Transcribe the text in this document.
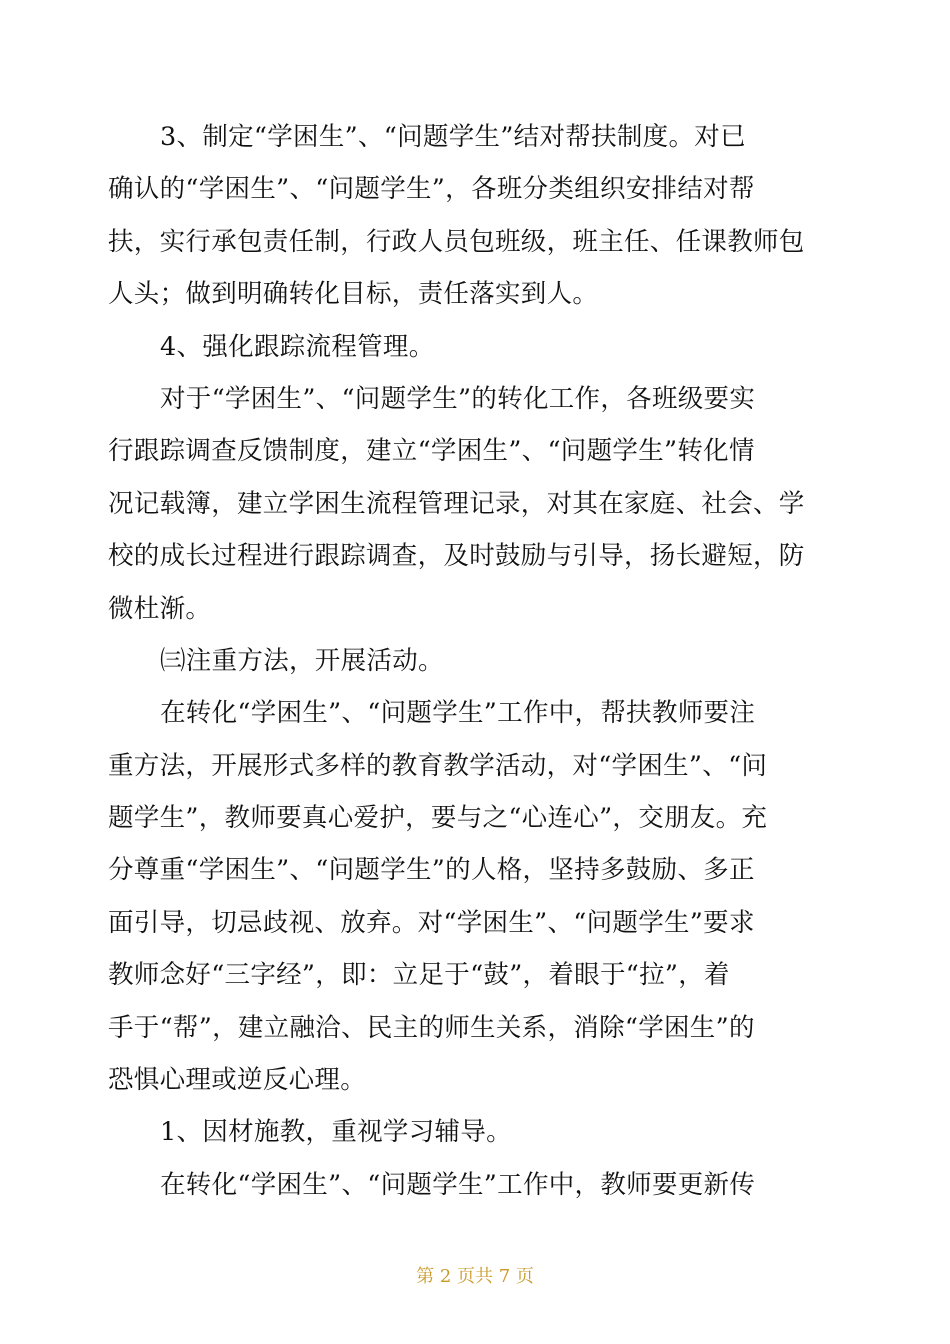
3、制定“学困生”、“问题学生”结对帮扶制度。对已
确认的“学困生”、“问题学生”，各班分类组织安排结对帮
扶，实行承包责任制，行政人员包班级，班主任、任课教师包
人头；做到明确转化目标，责任落实到人。
4、强化跟踪流程管理。
对于“学困生”、“问题学生”的转化工作，各班级要实
行跟踪调查反馈制度，建立“学困生”、“问题学生”转化情
况记载簿，建立学困生流程管理记录，对其在家庭、社会、学
校的成长过程进行跟踪调查，及时鼓励与引导，扬长避短，防
微杜渐。
㈢注重方法，开展活动。
在转化“学困生”、“问题学生”工作中，帮扶教师要注
重方法，开展形式多样的教育教学活动，对“学困生”、“问
题学生”，教师要真心爱护，要与之“心连心”，交朋友。充
分尊重“学困生”、“问题学生”的人格，坚持多鼓励、多正
面引导，切忌歧视、放弃。对“学困生”、“问题学生”要求
教师念好“三字经”，即：立足于“鼓”，着眼于“拉”，着
手于“帮”，建立融洽、民主的师生关系，消除“学困生”的
恐惧心理或逆反心理。
1、因材施教，重视学习辅导。
在转化“学困生”、“问题学生”工作中，教师要更新传
第 2 页共 7 页
